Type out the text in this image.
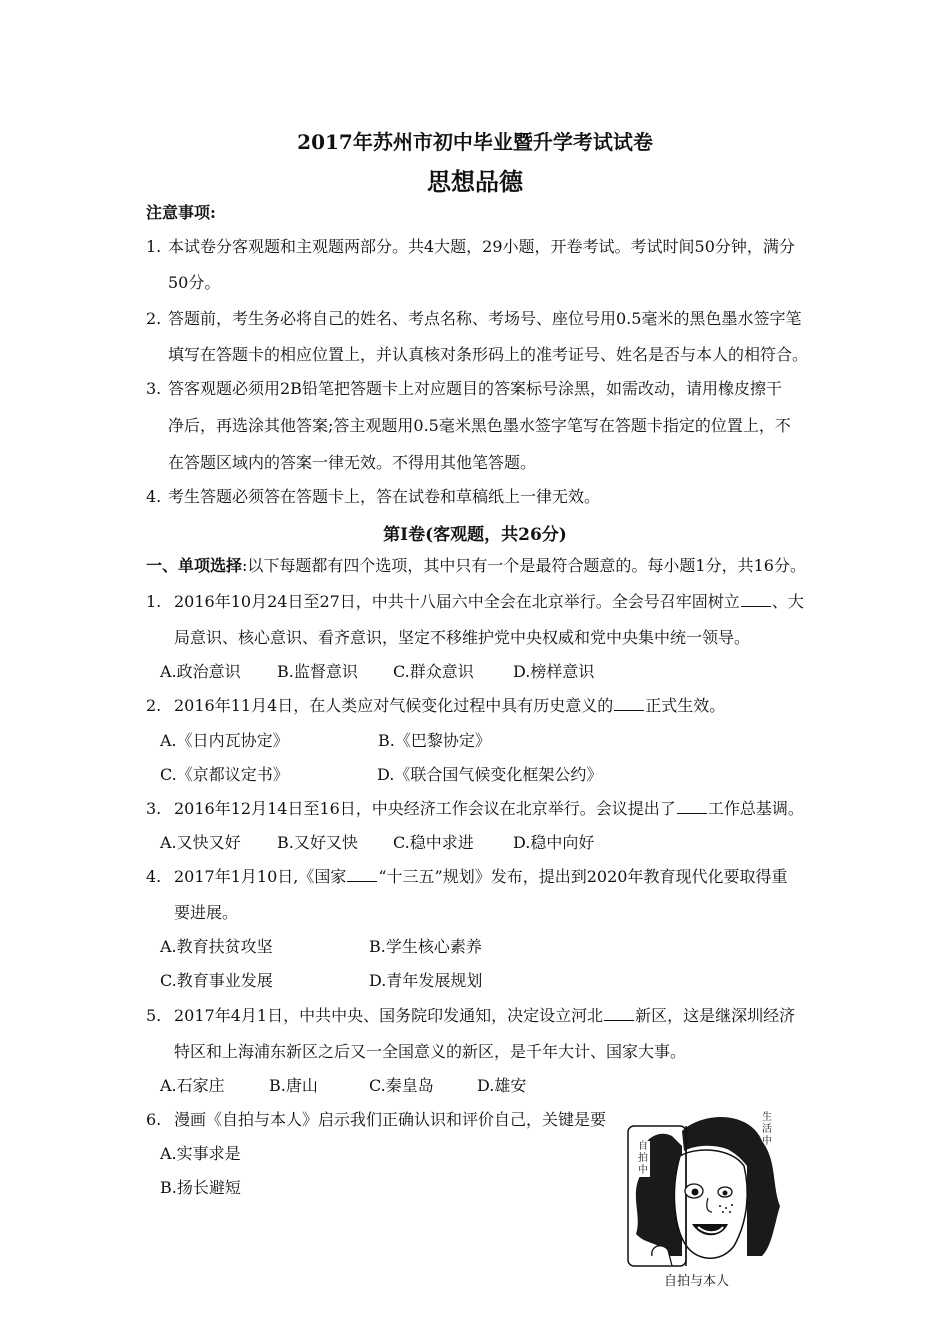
2017年苏州市初中毕业暨升学考试试卷
思想品德
注意事项:
1. 本试卷分客观题和主观题两部分。共4大题，29小题，开卷考试。考试时间50分钟，满分
50分。
2. 答题前，考生务必将自己的姓名、考点名称、考场号、座位号用0.5毫米的黑色墨水签字笔
填写在答题卡的相应位置上，并认真核对条形码上的准考证号、姓名是否与本人的相符合。
3. 答客观题必须用2B铅笔把答题卡上对应题目的答案标号涂黑，如需改动，请用橡皮擦干
净后，再选涂其他答案;答主观题用0.5毫米黑色墨水签字笔写在答题卡指定的位置上，不
在答题区域内的答案一律无效。不得用其他笔答题。
4. 考生答题必须答在答题卡上，答在试卷和草稿纸上一律无效。
第Ⅰ卷(客观题，共26分)
一、单项选择:以下每题都有四个选项，其中只有一个是最符合题意的。每小题1分，共16分。
1. 2016年10月24日至27日，中共十八届六中全会在北京举行。全会号召牢固树立 、大
局意识、核心意识、看齐意识，坚定不移维护党中央权威和党中央集中统一领导。
A.政治意识 B.监督意识 C.群众意识 D.榜样意识
2. 2016年11月4日，在人类应对气候变化过程中具有历史意义的 正式生效。
A.《日内瓦协定》	B.《巴黎协定》
C.《京都议定书》	D.《联合国气候变化框架公约》
3. 2016年12月14日至16日，中央经济工作会议在北京举行。会议提出了 工作总基调。
A.又快又好 B.又好又快 C.稳中求进 D.稳中向好
4. 2017年1月10日,《国家 “十三五”规划》发布，提出到2020年教育现代化要取得重
要进展。
A.教育扶贫攻坚	B.学生核心素养
C.教育事业发展	D.青年发展规划
5. 2017年4月1日，中共中央、国务院印发通知，决定设立河北 新区，这是继深圳经济
特区和上海浦东新区之后又一全国意义的新区，是千年大计、国家大事。
A.石家庄	B.唐山	C.秦皇岛	D.雄安
6. 漫画《自拍与本人》启示我们正确认识和评价自己，关键是要
A.实事求是
B.扬长避短
自拍中
生活中
自拍与本人
